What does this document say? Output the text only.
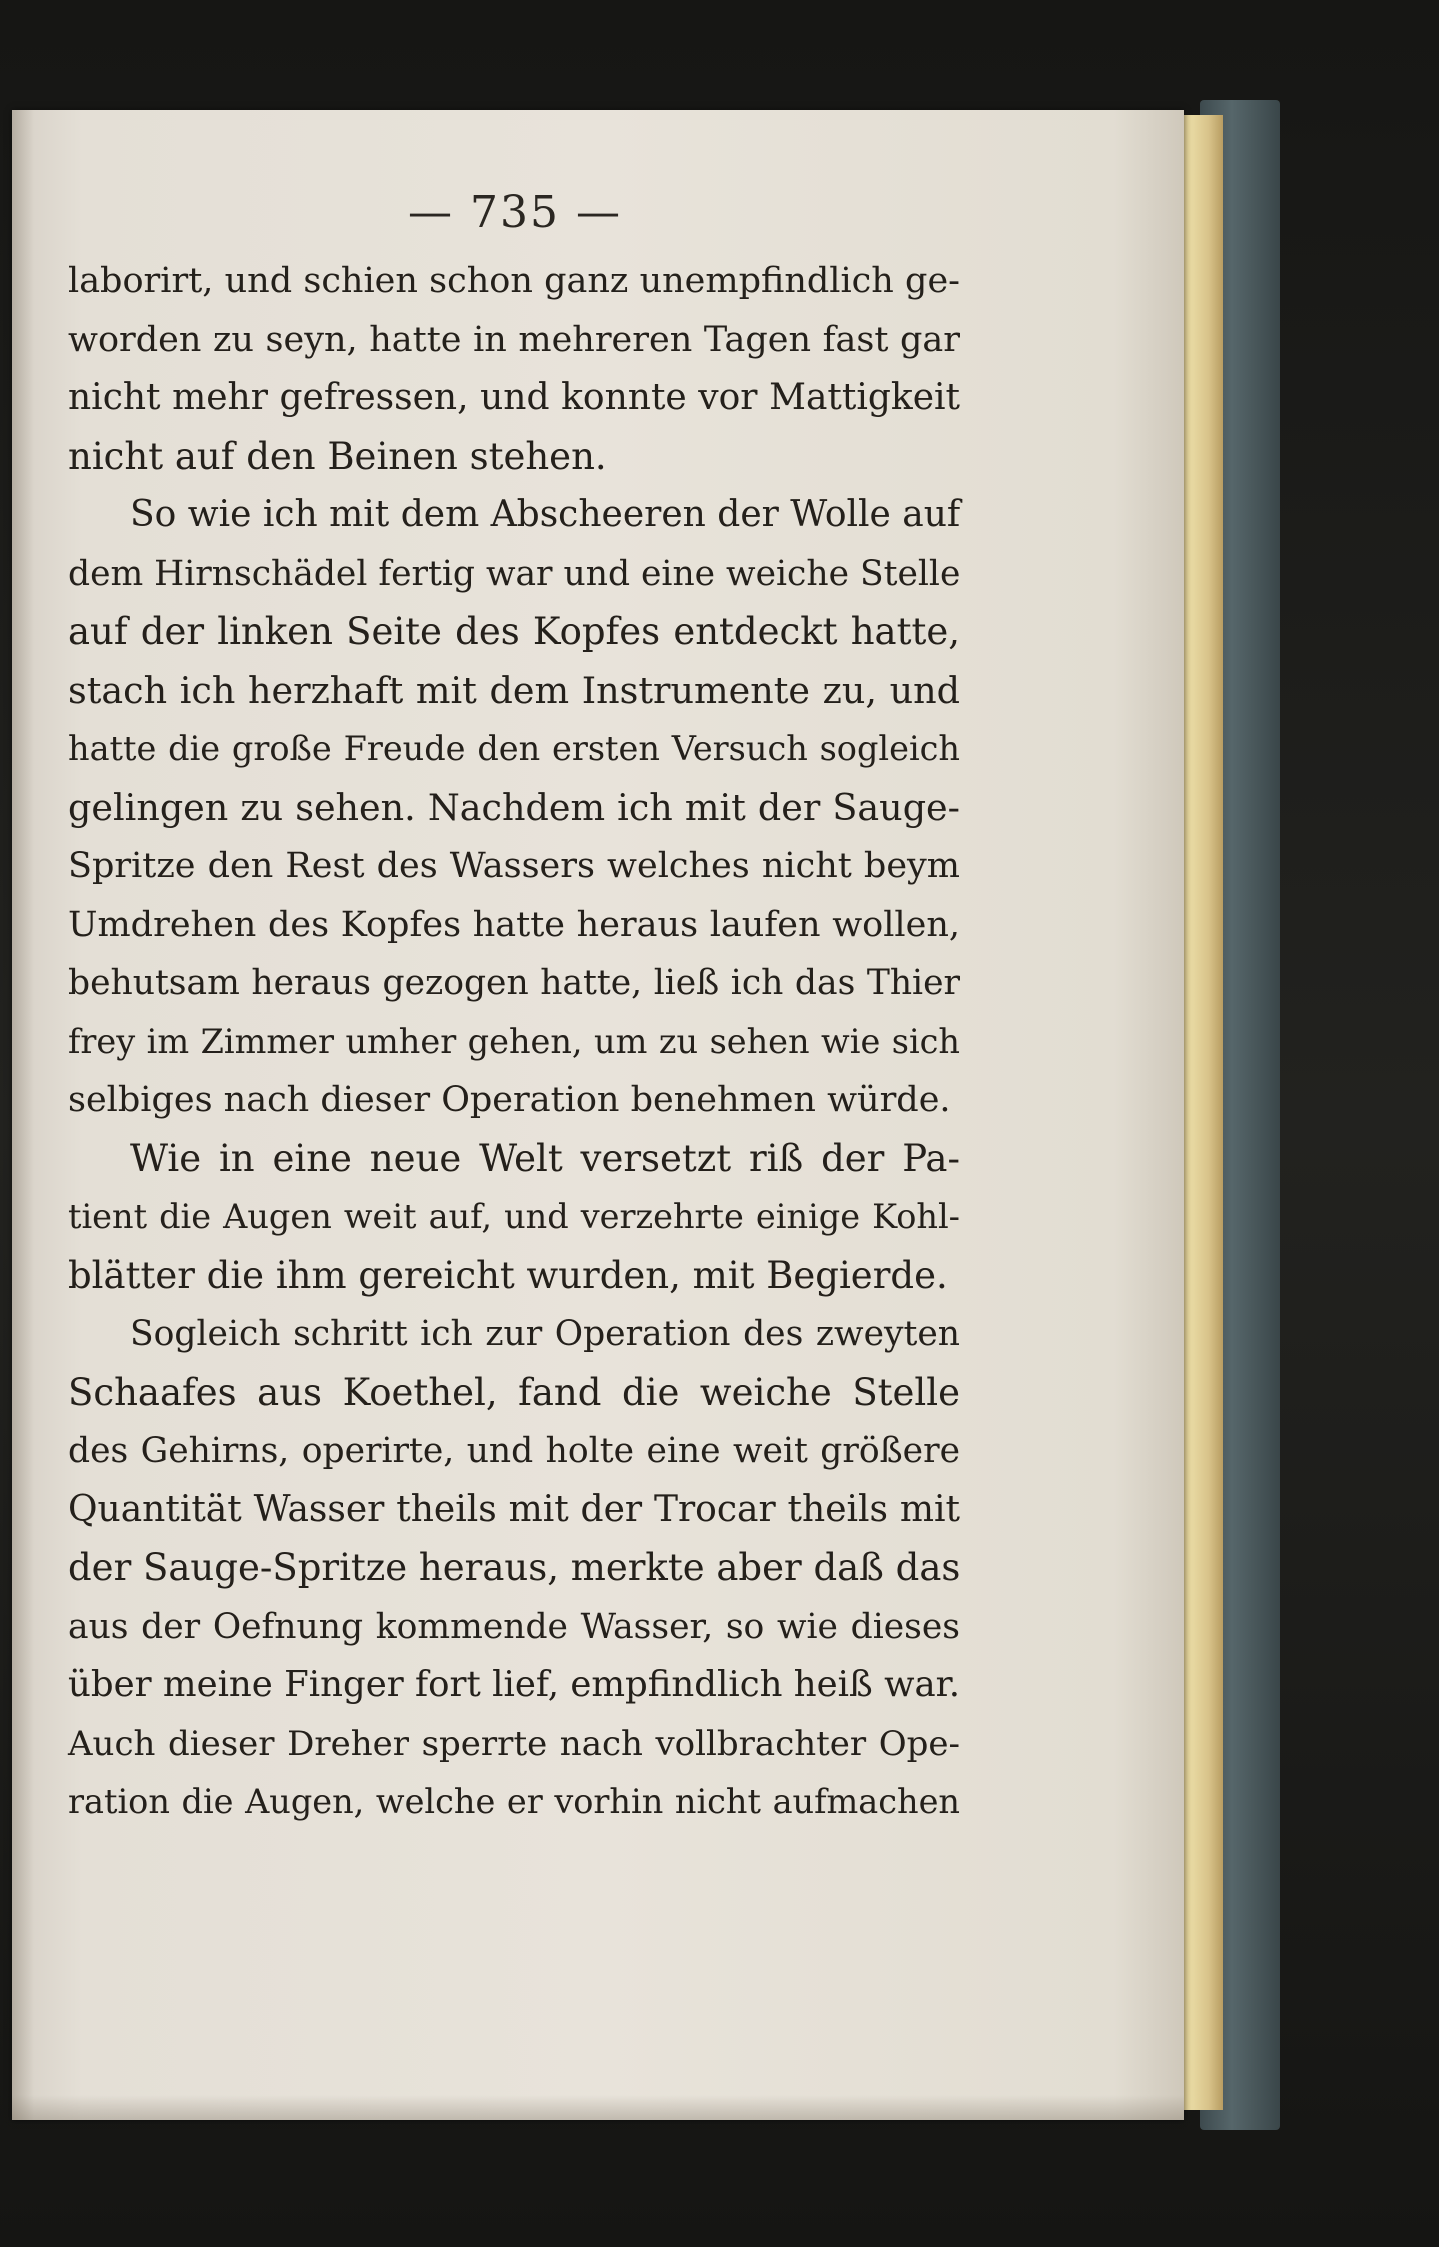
— 735 —
laborirt, und schien schon ganz unempfindlich ge-
worden zu seyn, hatte in mehreren Tagen fast gar
nicht mehr gefressen, und konnte vor Mattigkeit
nicht auf den Beinen stehen.
So wie ich mit dem Abscheeren der Wolle auf
dem Hirnschädel fertig war und eine weiche Stelle
auf der linken Seite des Kopfes entdeckt hatte,
stach ich herzhaft mit dem Instrumente zu, und
hatte die große Freude den ersten Versuch sogleich
gelingen zu sehen. Nachdem ich mit der Sauge-
Spritze den Rest des Wassers welches nicht beym
Umdrehen des Kopfes hatte heraus laufen wollen,
behutsam heraus gezogen hatte, ließ ich das Thier
frey im Zimmer umher gehen, um zu sehen wie sich
selbiges nach dieser Operation benehmen würde.
Wie in eine neue Welt versetzt riß der Pa-
tient die Augen weit auf, und verzehrte einige Kohl-
blätter die ihm gereicht wurden, mit Begierde.
Sogleich schritt ich zur Operation des zweyten
Schaafes aus Koethel, fand die weiche Stelle
des Gehirns, operirte, und holte eine weit größere
Quantität Wasser theils mit der Trocar theils mit
der Sauge-Spritze heraus, merkte aber daß das
aus der Oefnung kommende Wasser, so wie dieses
über meine Finger fort lief, empfindlich heiß war.
Auch dieser Dreher sperrte nach vollbrachter Ope-
ration die Augen, welche er vorhin nicht aufmachen
